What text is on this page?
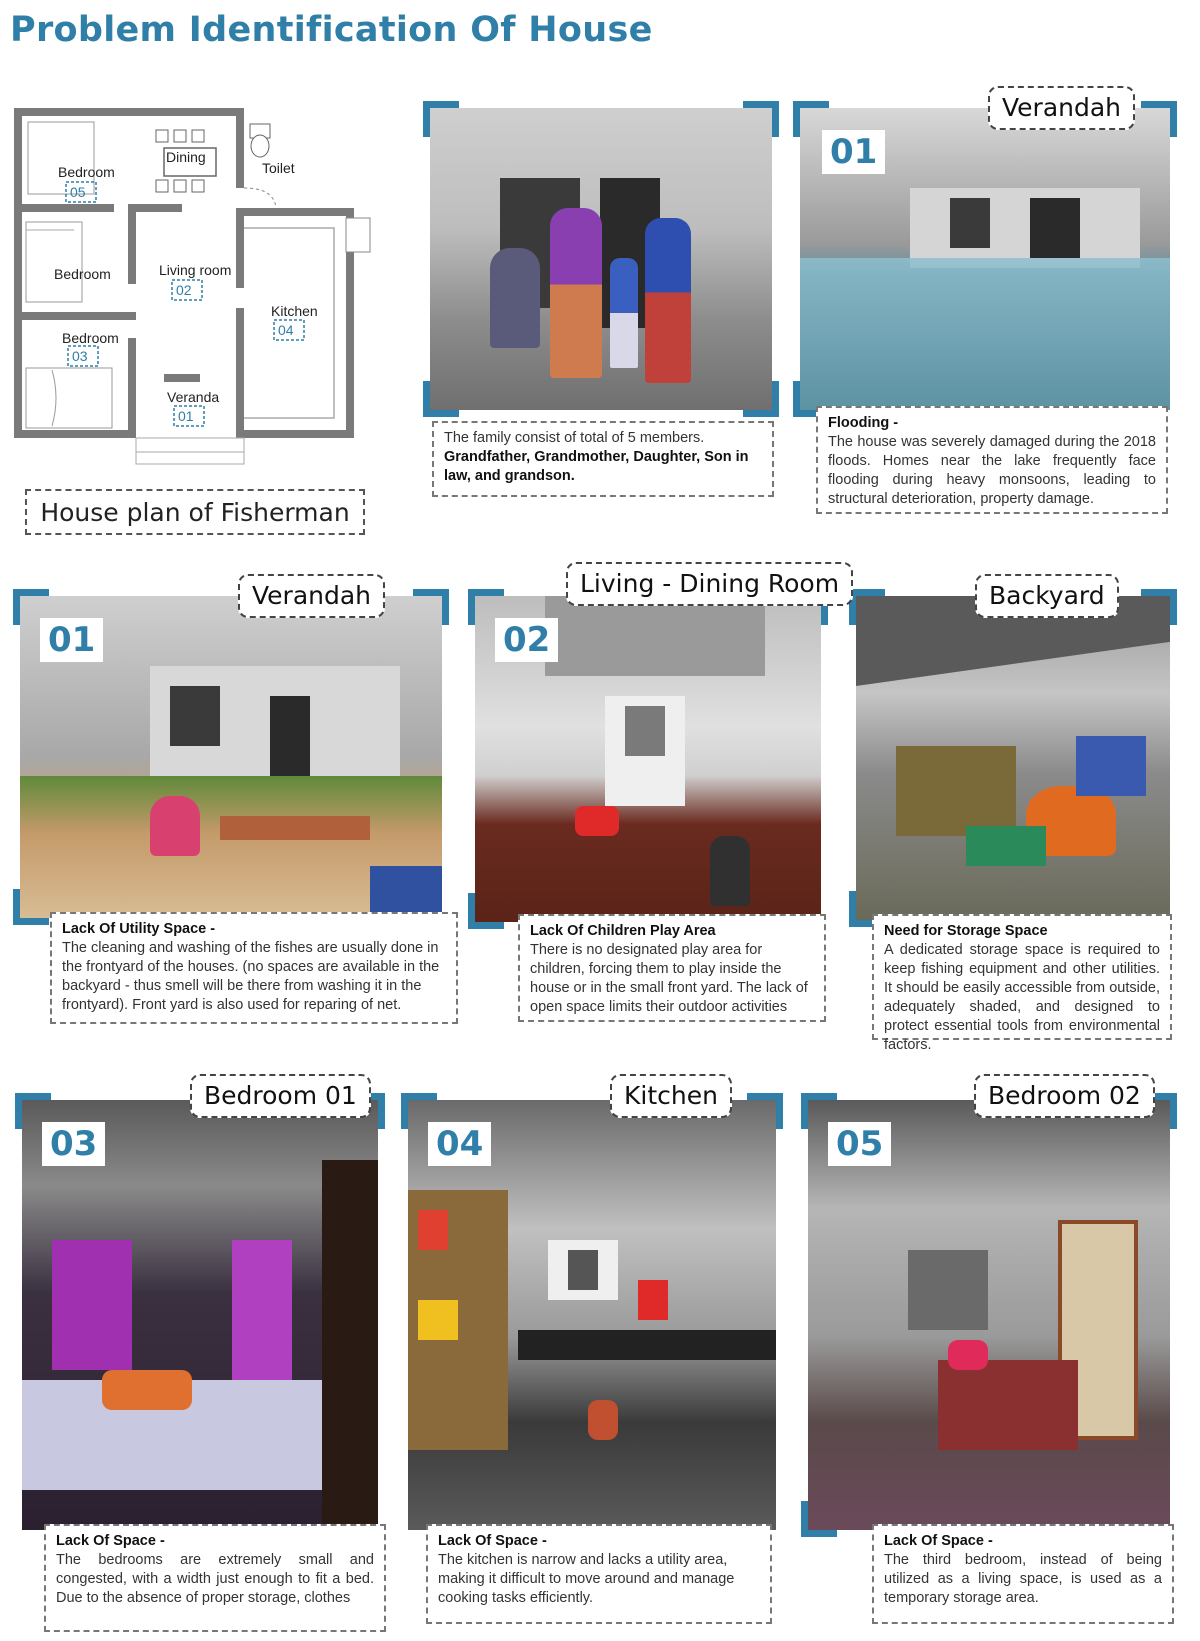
Problem Identification Of House
Bedroom
05
Dining
Toilet
Bedroom	Living room
02
Kitchen
04
Bedroom
03
Veranda
01
House plan of Fisherman
The family consist of total of 5 members.
Grandfather, Grandmother, Daughter, Son in law, and grandson.
01
Verandah
Flooding -
The house was severely damaged during the 2018 floods. Homes near the lake frequently face flooding during heavy monsoons, leading to structural deterioration, property damage.
01
Verandah
Lack Of Utility Space -
The cleaning and washing of the fishes are usually done in the frontyard of the houses. (no spaces are available in the backyard - thus smell will be there from washing it in the frontyard). Front yard is also used for reparing of net.
02
Living - Dining Room
Lack Of Children Play Area
There is no designated play area for children, forcing them to play inside the house or in the small front yard. The lack of open space limits their outdoor activities
Backyard
Need for Storage Space
A dedicated storage space is required to keep fishing equipment and other utilities. It should be easily accessible from outside, adequately shaded, and designed to protect essential tools from environmental factors.
03
Bedroom 01
Lack Of Space -
The bedrooms are extremely small and congested, with a width just enough to fit a bed. Due to the absence of proper storage, clothes
04
Kitchen
Lack Of Space -
The kitchen is narrow and lacks a utility area, making it difficult to move around and manage cooking tasks efficiently.
05
Bedroom 02
Lack Of Space -
The third bedroom, instead of being utilized as a living space, is used as a temporary storage area.
